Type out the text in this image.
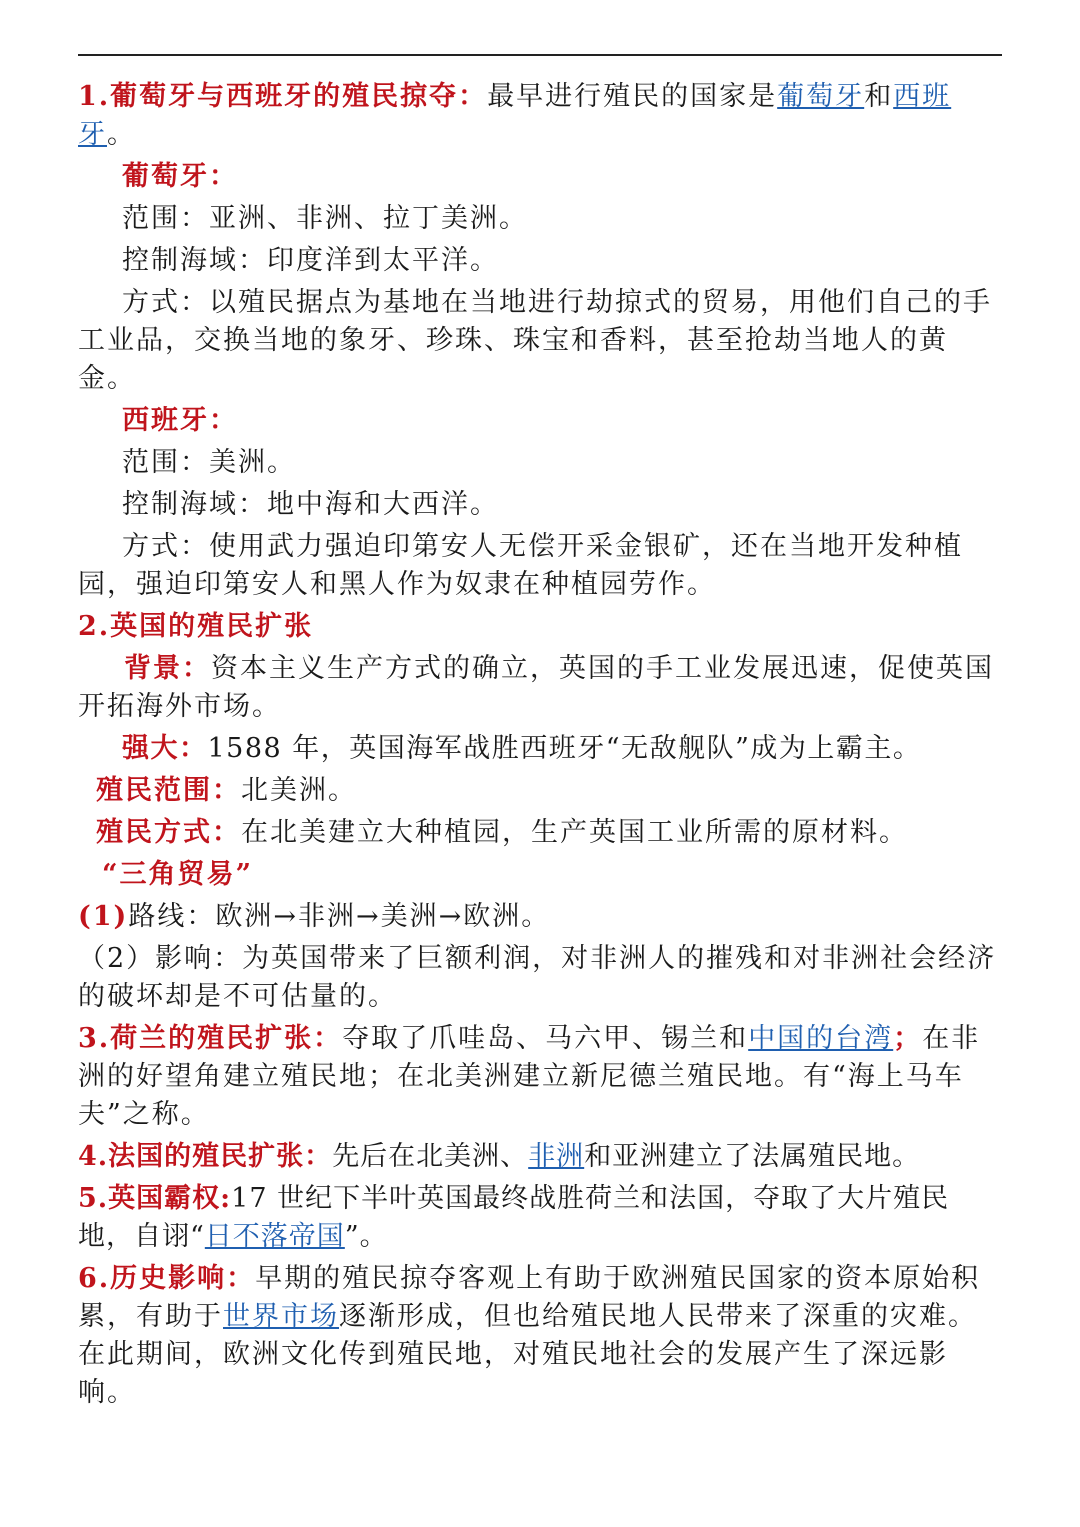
1.葡萄牙与西班牙的殖民掠夺：最早进行殖民的国家是葡萄牙和西班牙。

葡萄牙：

范围：亚洲、非洲、拉丁美洲。

控制海域：印度洋到太平洋。

方式：以殖民据点为基地在当地进行劫掠式的贸易，用他们自己的手工业品，交换当地的象牙、珍珠、珠宝和香料，甚至抢劫当地人的黄金。

西班牙：

范围：美洲。

控制海域：地中海和大西洋。

方式：使用武力强迫印第安人无偿开采金银矿，还在当地开发种植园，强迫印第安人和黑人作为奴隶在种植园劳作。

2.英国的殖民扩张

背景：资本主义生产方式的确立，英国的手工业发展迅速，促使英国开拓海外市场。

强大：1588 年，英国海军战胜西班牙“无敌舰队”成为上霸主。

殖民范围：北美洲。

殖民方式：在北美建立大种植园，生产英国工业所需的原材料。

“三角贸易”

(1)路线：欧洲→非洲→美洲→欧洲。

（2）影响：为英国带来了巨额利润，对非洲人的摧残和对非洲社会经济的破坏却是不可估量的。

3.荷兰的殖民扩张：夺取了爪哇岛、马六甲、锡兰和中国的台湾；在非洲的好望角建立殖民地；在北美洲建立新尼德兰殖民地。有“海上马车夫”之称。

4.法国的殖民扩张：先后在北美洲、非洲和亚洲建立了法属殖民地。

5.英国霸权:17 世纪下半叶英国最终战胜荷兰和法国，夺取了大片殖民地，自诩“日不落帝国”。

6.历史影响：早期的殖民掠夺客观上有助于欧洲殖民国家的资本原始积累，有助于世界市场逐渐形成，但也给殖民地人民带来了深重的灾难。在此期间，欧洲文化传到殖民地，对殖民地社会的发展产生了深远影响。
